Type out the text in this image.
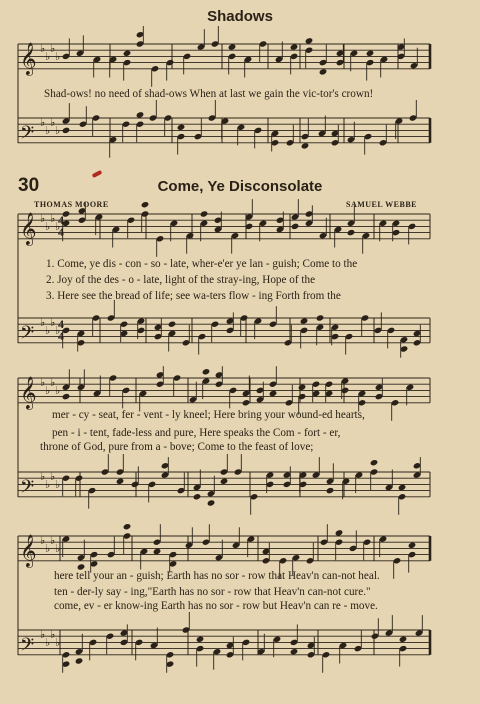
Shadows
𝄞 ♭
♭
♭
♭
𝄢
♭
♭
♭
♭
𝄞 ♭
♭
♭
♭
𝄢
♭
♭
♭
♭
𝄞 ♭
♭
♭
♭
𝄢
♭
♭
♭
♭
𝄞 ♭
♭
♭
♭
𝄢
♭
♭
♭
♭
4
4
4
4
Shad-ows! no need of shad-ows When at last we gain the vic-tor's crown!
30	Come, Ye Disconsolate
THOMAS MOORE	SAMUEL WEBBE
1. Come, ye dis - con - so - late, wher-e'er ye lan - guish; Come to the
2. Joy of the des - o - late, light of the stray-ing, Hope of the
3. Here see the bread of life; see wa-ters flow - ing Forth from the
mer - cy - seat, fer - vent - ly kneel; Here bring your wound-ed hearts,
pen - i - tent, fade-less and pure, Here speaks the Com - fort - er,
throne of God, pure from a - bove; Come to the feast of love;
here tell your an - guish; Earth has no sor - row that Heav'n can-not heal.
ten - der-ly say - ing,"Earth has no sor - row that Heav'n can-not cure."
come, ev - er know-ing Earth has no sor - row but Heav'n can re - move.
